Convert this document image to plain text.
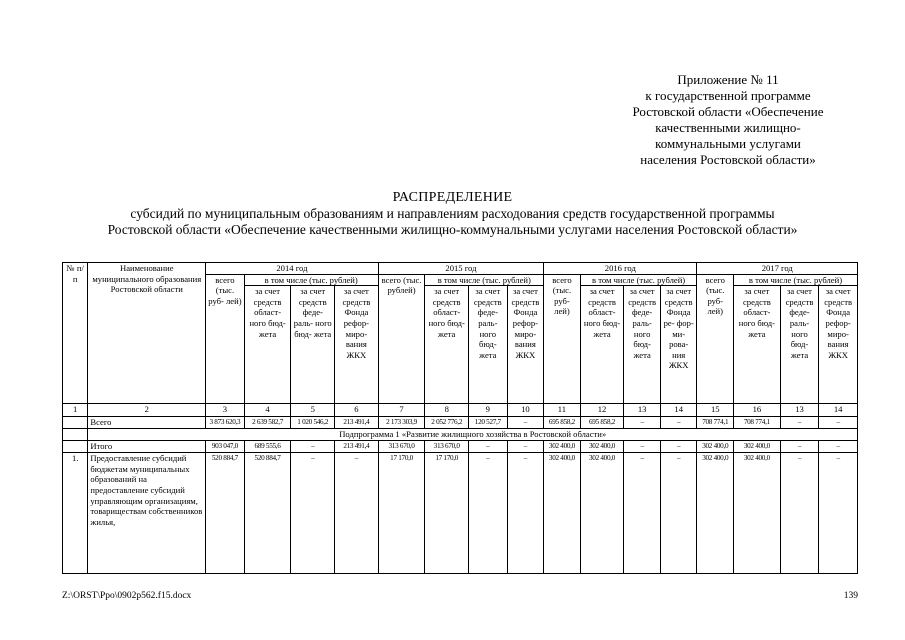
Приложение № 11
к государственной программе
Ростовской области «Обеспечение
качественными жилищно-
коммунальными услугами
населения Ростовской области»
РАСПРЕДЕЛЕНИЕ
субсидий по муниципальным образованиям и направлениям расходования средств государственной программы
Ростовской области «Обеспечение качественными жилищно-коммунальными услугами населения Ростовской области»
№ п/п	Наименование муниципального образования Ростовской области	2014 год				2015 год				2016 год				2017 год			
		всего (тыс. руб- лей)	в том числе (тыс. рублей)			всего (тыс. рублей)	в том числе (тыс. рублей)			всего (тыс. руб- лей)	в том числе (тыс. рублей)			всего (тыс. руб- лей)	в том числе (тыс. рублей)		
			за счет средств област- ного бюд- жета	за счет средств феде- раль- ного бюд- жета	за счет средств Фонда рефор- миро- вания ЖКХ		за счет средств област- ного бюд- жета	за счет средств феде- раль- ного бюд- жета	за счет средств Фонда рефор- миро- вания ЖКХ		за счет средств област- ного бюд- жета	за счет средств феде- раль- ного бюд- жета	за счет средств Фонда ре- фор- ми- рова- ния ЖКХ		за счет средств област- ного бюд- жета	за счет средств феде- раль- ного бюд- жета	за счет средств Фонда рефор- миро- вания ЖКХ
1	2	3	4	5	6	7	8	9	10	11	12	13	14	15	16	13	14
	Всего	3 873 620,3	2 639 582,7	1 020 546,2	213 491,4	2 173 303,9	2 052 776,2	120 527,7	–	695 858,2	695 858,2	–	–	708 774,1	708 774,1	–	–
	Подпрограмма 1 «Развитие жилищного хозяйства в Ростовской области»																
	Итого	903 047,0	689 555,6	–	213 491,4	313 670,0	313 670,0	–	–	302 400,0	302 400,0	–	–	302 400,0	302 400,0	–	–
1.	Предоставление субсидий бюджетам муниципальных образований на предоставление субсидий управляющим организациям, товариществам собственников жилья,	520 884,7	520 884,7	–	–	17 170,0	17 170,0	–	–	302 400,0	302 400,0	–	–	302 400,0	302 400,0	–	–
Z:\ORST\Ppo\0902p562.f15.docx	139
